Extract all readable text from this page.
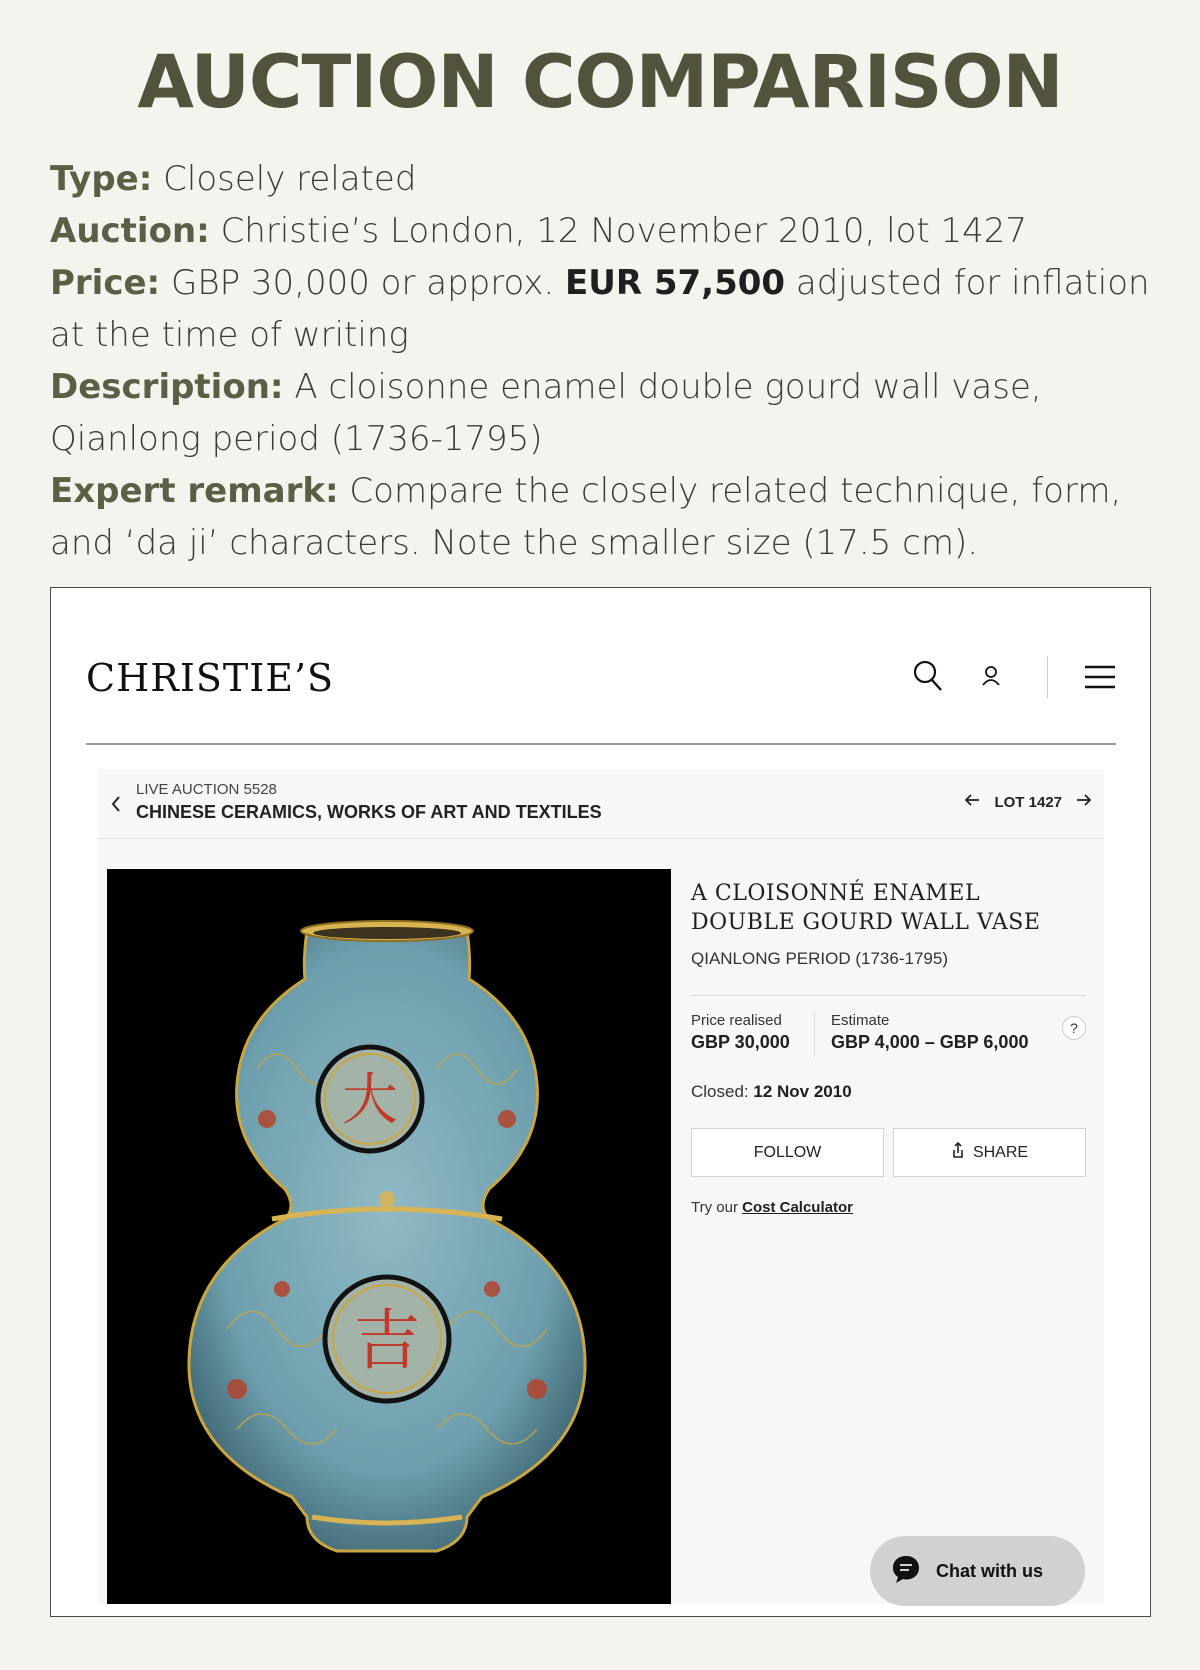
AUCTION COMPARISON
Type: Closely related
Auction: Christie’s London, 12 November 2010, lot 1427
Price: GBP 30,000 or approx. EUR 57,500 adjusted for inflation at the time of writing
Description: A cloisonne enamel double gourd wall vase, Qianlong period (1736-1795)
Expert remark: Compare the closely related technique, form, and ‘da ji’ characters. Note the smaller size (17.5 cm).
CHRISTIE’S
LIVE AUCTION 5528
CHINESE CERAMICS, WORKS OF ART AND TEXTILES	LOT 1427
大
吉
A CLOISONNÉ ENAMEL DOUBLE GOURD WALL VASE
QIANLONG PERIOD (1736-1795)
Price realised
GBP 30,000
Estimate
GBP 4,000 – GBP 6,000
?
Closed: 12 Nov 2010
FOLLOW	SHARE
Try our Cost Calculator
Chat with us
